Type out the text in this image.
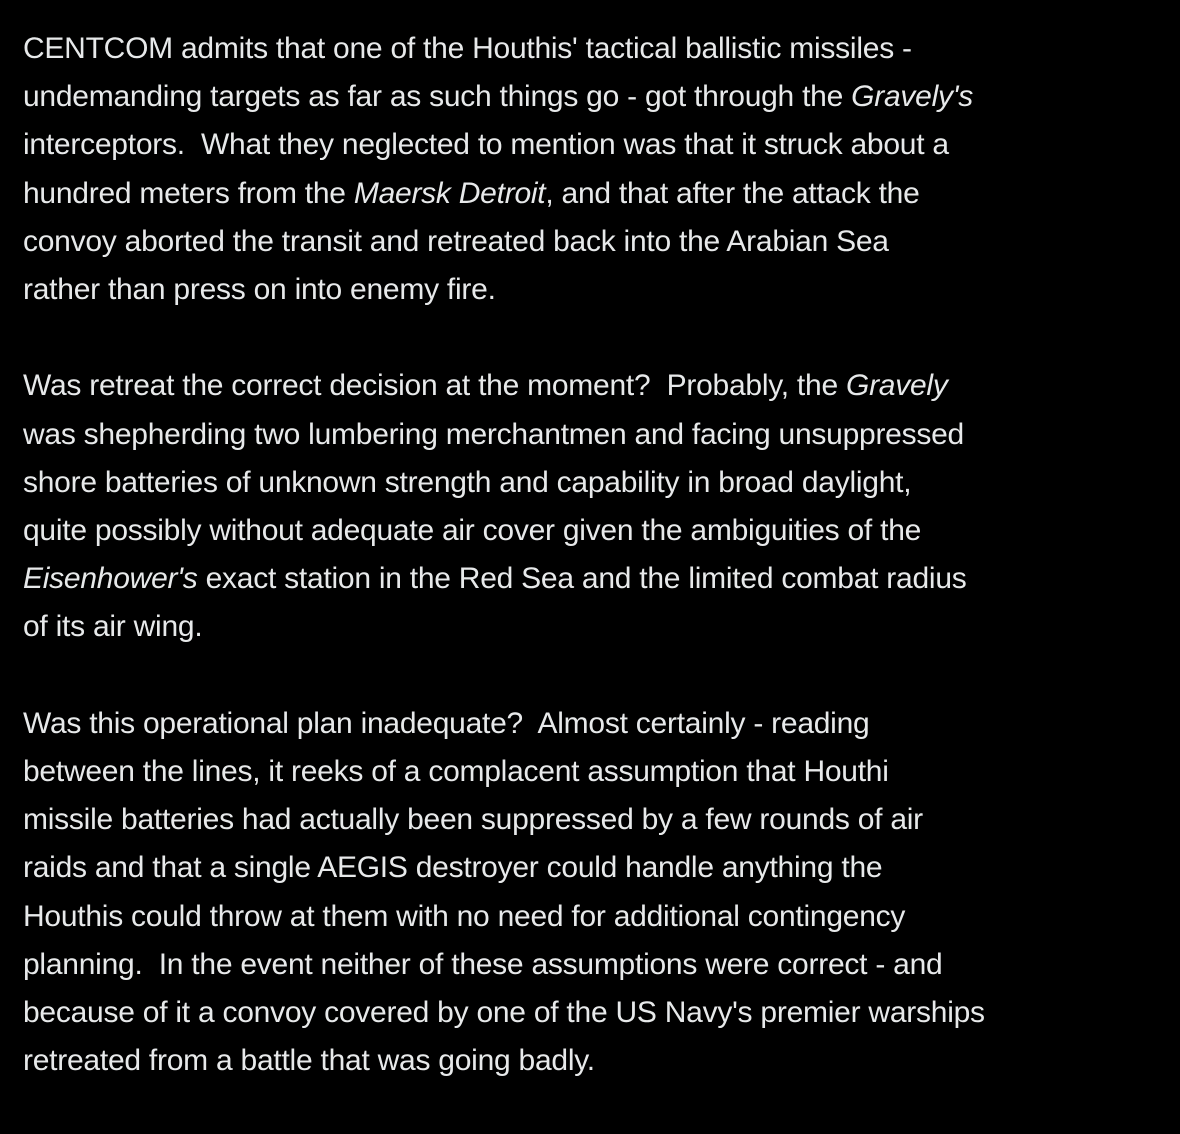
CENTCOM admits that one of the Houthis' tactical ballistic missiles -
undemanding targets as far as such things go - got through the Gravely's
interceptors.  What they neglected to mention was that it struck about a
hundred meters from the Maersk Detroit, and that after the attack the
convoy aborted the transit and retreated back into the Arabian Sea
rather than press on into enemy fire.

Was retreat the correct decision at the moment?  Probably, the Gravely
was shepherding two lumbering merchantmen and facing unsuppressed
shore batteries of unknown strength and capability in broad daylight,
quite possibly without adequate air cover given the ambiguities of the
Eisenhower's exact station in the Red Sea and the limited combat radius
of its air wing.

Was this operational plan inadequate?  Almost certainly - reading
between the lines, it reeks of a complacent assumption that Houthi
missile batteries had actually been suppressed by a few rounds of air
raids and that a single AEGIS destroyer could handle anything the
Houthis could throw at them with no need for additional contingency
planning.  In the event neither of these assumptions were correct - and
because of it a convoy covered by one of the US Navy's premier warships
retreated from a battle that was going badly.
